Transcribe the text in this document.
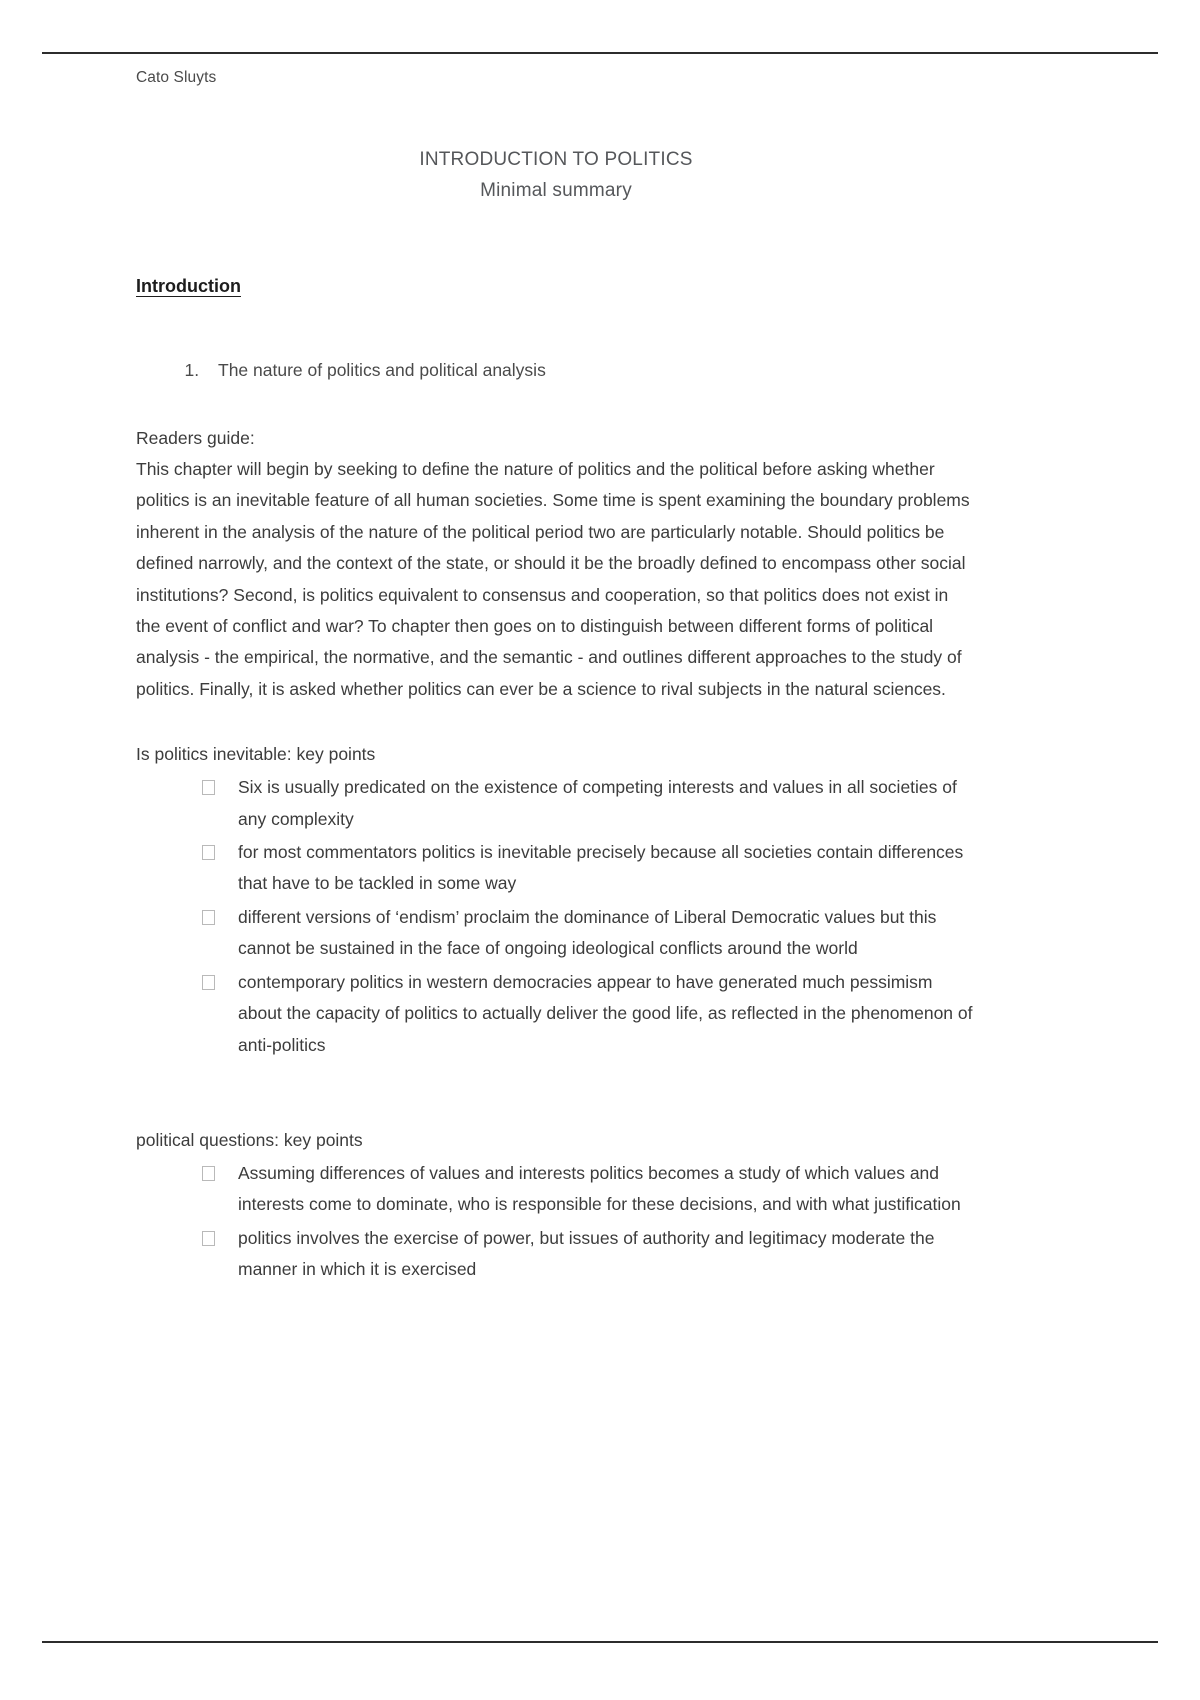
Cato Sluyts
INTRODUCTION TO POLITICS
Minimal summary
Introduction
1. The nature of politics and political analysis
Readers guide:
This chapter will begin by seeking to define the nature of politics and the political before asking whether politics is an inevitable feature of all human societies. Some time is spent examining the boundary problems inherent in the analysis of the nature of the political period two are particularly notable. Should politics be defined narrowly, and the context of the state, or should it be the broadly defined to encompass other social institutions? Second, is politics equivalent to consensus and cooperation, so that politics does not exist in the event of conflict and war? To chapter then goes on to distinguish between different forms of political analysis - the empirical, the normative, and the semantic - and outlines different approaches to the study of politics. Finally, it is asked whether politics can ever be a science to rival subjects in the natural sciences.
Is politics inevitable: key points
Six is usually predicated on the existence of competing interests and values in all societies of any complexity
for most commentators politics is inevitable precisely because all societies contain differences that have to be tackled in some way
different versions of ‘endism’ proclaim the dominance of Liberal Democratic values but this cannot be sustained in the face of ongoing ideological conflicts around the world
contemporary politics in western democracies appear to have generated much pessimism about the capacity of politics to actually deliver the good life, as reflected in the phenomenon of anti-politics
political questions: key points
Assuming differences of values and interests politics becomes a study of which values and interests come to dominate, who is responsible for these decisions, and with what justification
politics involves the exercise of power, but issues of authority and legitimacy moderate the manner in which it is exercised
